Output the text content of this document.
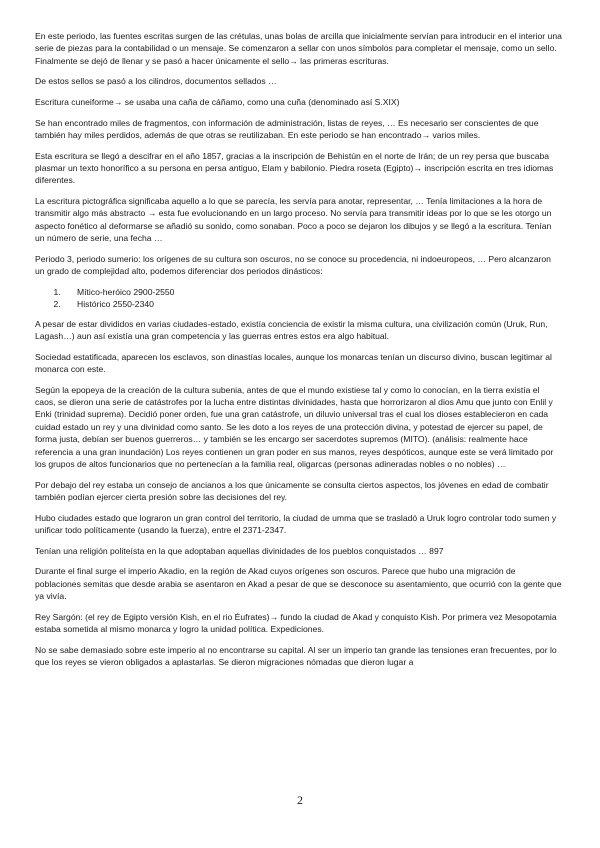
En este periodo, las fuentes escritas surgen de las crétulas, unas bolas de arcilla que inicialmente servían para introducir en el interior una serie de piezas para la contabilidad o un mensaje. Se comenzaron a sellar con unos símbolos para completar el mensaje, como un sello. Finalmente se dejó de llenar y se pasó a hacer únicamente el sello→ las primeras escrituras.

De estos sellos se pasó a los cilindros, documentos sellados …

Escritura cuneiforme→ se usaba una caña de cáñamo, como una cuña (denominado así S.XIX)

Se han encontrado miles de fragmentos, con información de administración, listas de reyes, … Es necesario ser conscientes de que también hay miles perdidos, además de que otras se reutilizaban. En este periodo se han encontrado→ varios miles.

Esta escritura se llegó a descifrar en el año 1857, gracias a la inscripción de Behistún en el norte de Irán; de un rey persa que buscaba plasmar un texto honorífico a su persona en persa antiguo, Elam y babilonio. Piedra roseta (Egipto)→ inscripción escrita en tres idiomas diferentes.

La escritura pictográfica significaba aquello a lo que se parecía, les servía para anotar, representar, … Tenía limitaciones a la hora de transmitir algo más abstracto → esta fue evolucionando en un largo proceso. No servía para transmitir ideas por lo que se les otorgo un aspecto fonético al deformarse se añadió su sonido, como sonaban. Poco a poco se dejaron los dibujos y se llegó a la escritura. Tenían un número de serie, una fecha …

Periodo 3, periodo sumerio: los orígenes de su cultura son oscuros, no se conoce su procedencia, ni indoeuropeos, … Pero alcanzaron un grado de complejidad alto, podemos diferenciar dos periodos dinásticos:

1. Mítico-heróico 2900-2550
2. Histórico 2550-2340

A pesar de estar divididos en varias ciudades-estado, existía conciencia de existir la misma cultura, una civilización común (Uruk, Run, Lagash…) aun así existía una gran competencia y las guerras entres estos era algo habitual.

Sociedad estatificada, aparecen los esclavos, son dinastías locales, aunque los monarcas tenían un discurso divino, buscan legitimar al monarca con este.

Según la epopeya de la creación de la cultura subenia, antes de que el mundo existiese tal y como lo conocían, en la tierra existía el caos, se dieron una serie de catástrofes por la lucha entre distintas divinidades, hasta que horrorizaron al dios Amu que junto con Enlil y Enki (trinidad suprema). Decidió poner orden, fue una gran catástrofe, un diluvio universal tras el cual los dioses establecieron en cada cuidad estado un rey y una divinidad como santo. Se les doto a los reyes de una protección divina, y potestad de ejercer su papel, de forma justa, debían ser buenos guerreros… y también se les encargo ser sacerdotes supremos (MITO). (análisis: realmente hace referencia a una gran inundación) Los reyes contienen un gran poder en sus manos, reyes despóticos, aunque este se verá limitado por los grupos de altos funcionarios que no pertenecían a la familia real, oligarcas (personas adineradas nobles o no nobles) …

Por debajo del rey estaba un consejo de ancianos a los que únicamente se consulta ciertos aspectos, los jóvenes en edad de combatir también podían ejercer cierta presión sobre las decisiones del rey.

Hubo ciudades estado que lograron un gran control del territorio, la ciudad de umma que se trasladó a Uruk logro controlar todo sumen y unificar todo políticamente (usando la fuerza), entre el 2371-2347.

Tenían una religión politeísta en la que adoptaban aquellas divinidades de los pueblos conquistados … 897

Durante el final surge el imperio Akadio, en la región de Akad cuyos orígenes son oscuros. Parece que hubo una migración de poblaciones semitas que desde arabia se asentaron en Akad a pesar de que se desconoce su asentamiento, que ocurrió con la gente que ya vivía.

Rey Sargón: (el rey de Egipto versión Kish, en el rio Éufrates)→ fundo la ciudad de Akad y conquisto Kish. Por primera vez Mesopotamia estaba sometida al mismo monarca y logro la unidad política. Expediciones.

No se sabe demasiado sobre este imperio al no encontrarse su capital. Al ser un imperio tan grande las tensiones eran frecuentes, por lo que los reyes se vieron obligados a aplastarlas. Se dieron migraciones nómadas que dieron lugar a

2
